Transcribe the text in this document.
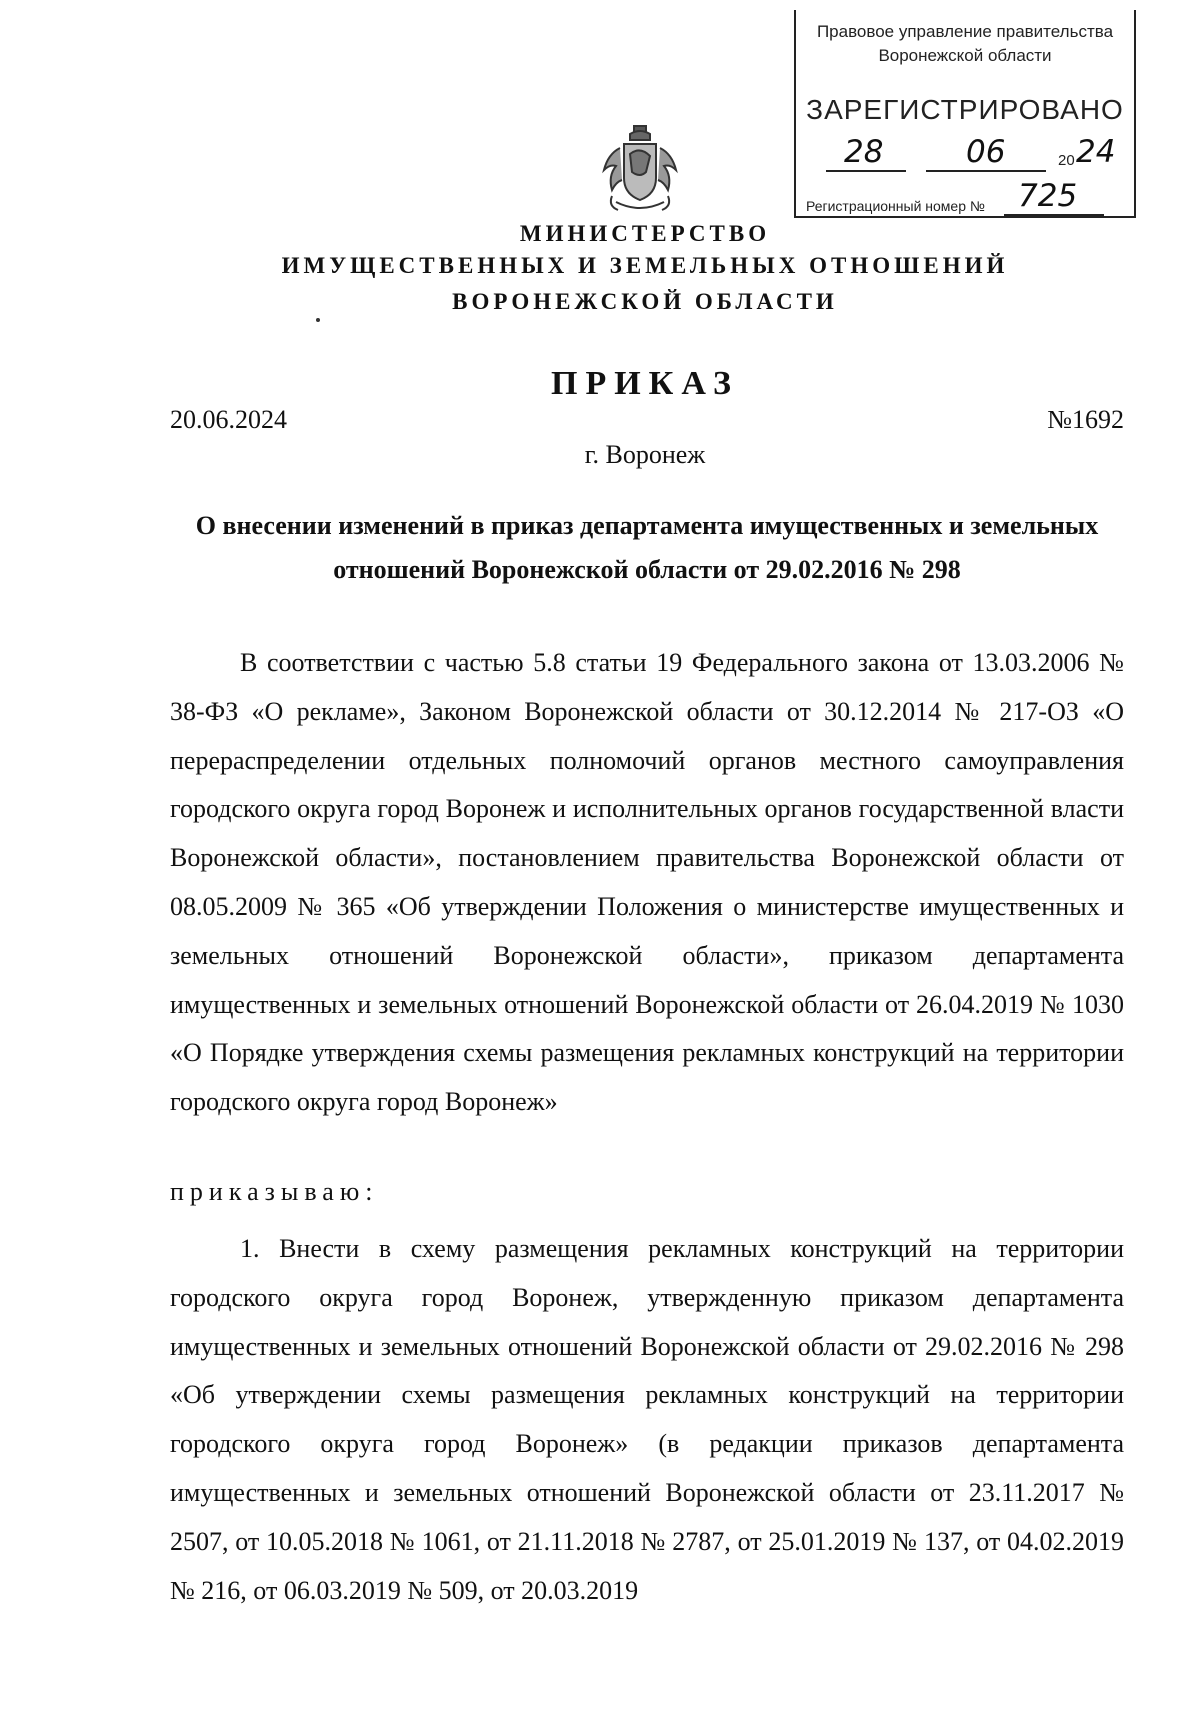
Правовое управление правительства
Воронежской области
ЗАРЕГИСТРИРОВАНО
28	06	20 24
Регистрационный номер № 725
МИНИСТЕРСТВО
ИМУЩЕСТВЕННЫХ И ЗЕМЕЛЬНЫХ ОТНОШЕНИЙ
ВОРОНЕЖСКОЙ ОБЛАСТИ
ПРИКАЗ
20.06.2024	№1692
г. Воронеж
О внесении изменений в приказ департамента имущественных и земельных отношений Воронежской области от 29.02.2016 № 298
В соответствии с частью 5.8 статьи 19 Федерального закона от 13.03.2006 № 38-ФЗ «О рекламе», Законом Воронежской области от 30.12.2014 № 217-ОЗ «О перераспределении отдельных полномочий органов местного самоуправления городского округа город Воронеж и исполнительных органов государственной власти Воронежской области», постановлением правительства Воронежской области от 08.05.2009 № 365 «Об утверждении Положения о министерстве имущественных и земельных отношений Воронежской области», приказом департамента имущественных и земельных отношений Воронежской области от 26.04.2019 № 1030 «О Порядке утверждения схемы размещения рекламных конструкций на территории городского округа город Воронеж»
приказываю:
1. Внести в схему размещения рекламных конструкций на территории городского округа город Воронеж, утвержденную приказом департамента имущественных и земельных отношений Воронежской области от 29.02.2016 № 298 «Об утверждении схемы размещения рекламных конструкций на территории городского округа город Воронеж» (в редакции приказов департамента имущественных и земельных отношений Воронежской области от 23.11.2017 № 2507, от 10.05.2018 № 1061, от 21.11.2018 № 2787, от 25.01.2019 № 137, от 04.02.2019 № 216, от 06.03.2019 № 509, от 20.03.2019
